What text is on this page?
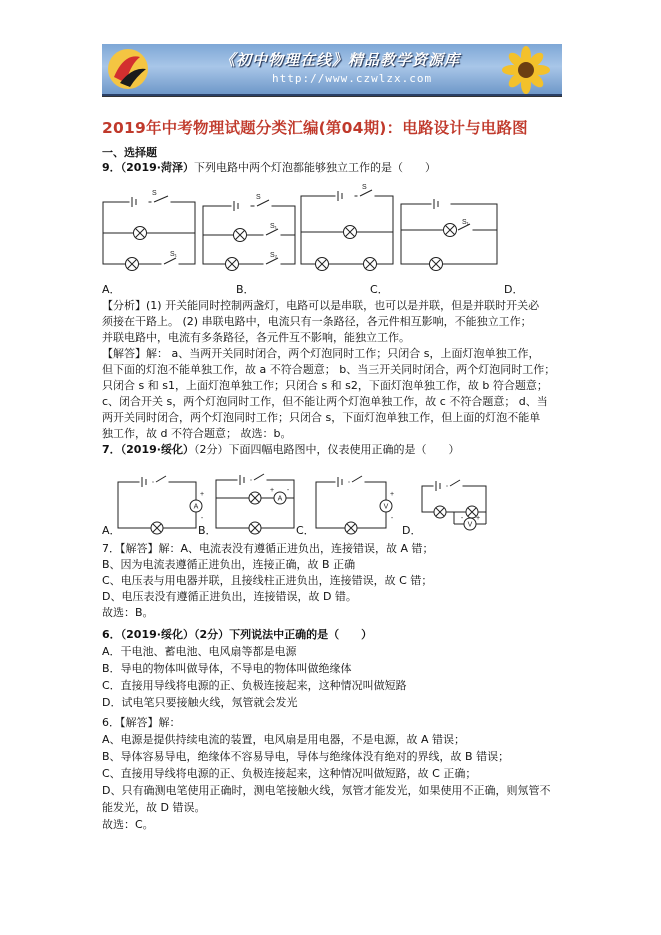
《初中物理在线》精品教学资源库
http://www.czwlzx.com
2019年中考物理试题分类汇编(第04期)：电路设计与电路图
一、选择题
9．（2019·菏泽）下列电路中两个灯泡都能够独立工作的是（　　）
S
S₁
S
S₁
S₂
S
S₁
A．	B．	C．	D．
【分析】(1) 开关能同时控制两盏灯，电路可以是串联，也可以是并联，但是并联时开关必
须接在干路上。 (2) 串联电路中，电流只有一条路径，各元件相互影响，不能独立工作；
并联电路中，电流有多条路径，各元件互不影响，能独立工作。
【解答】解： a、当两开关同时闭合，两个灯泡同时工作；只闭合 s，上面灯泡单独工作，
但下面的灯泡不能单独工作，故 a 不符合题意； b、当三开关同时闭合，两个灯泡同时工作；
只闭合 s 和 s1，上面灯泡单独工作；只闭合 s 和 s2，下面灯泡单独工作，故 b 符合题意；
c、闭合开关 s，两个灯泡同时工作，但不能让两个灯泡单独工作，故 c 不符合题意； d、当
两开关同时闭合，两个灯泡同时工作；只闭合 s，下面灯泡单独工作，但上面的灯泡不能单
独工作，故 d 不符合题意； 故选：b。
7．（2019·绥化）（2分）下面四幅电路图中，仪表使用正确的是（　　）
A
A
V
V
+
-
+ -
+
-	- +
A．	B．	C．	D．
7．【解答】解：A、电流表没有遵循正进负出，连接错误，故 A 错；
B、因为电流表遵循正进负出，连接正确，故 B 正确
C、电压表与用电器并联，且接线柱正进负出，连接错误，故 C 错；
D、电压表没有遵循正进负出，连接错误，故 D 错。
故选：B。
6．（2019·绥化）（2分）下列说法中正确的是（　　）
A．干电池、蓄电池、电风扇等都是电源
B．导电的物体叫做导体，不导电的物体叫做绝缘体
C．直接用导线将电源的正、负极连接起来，这种情况叫做短路
D．试电笔只要接触火线，氖管就会发光
6．【解答】解：
A、电源是提供持续电流的装置，电风扇是用电器，不是电源，故 A 错误；
B、导体容易导电，绝缘体不容易导电，导体与绝缘体没有绝对的界线，故 B 错误；
C、直接用导线将电源的正、负极连接起来，这种情况叫做短路，故 C 正确；
D、只有确测电笔使用正确时，测电笔接触火线，氖管才能发光，如果使用不正确，则氖管不
能发光，故 D 错误。
故选：C。
